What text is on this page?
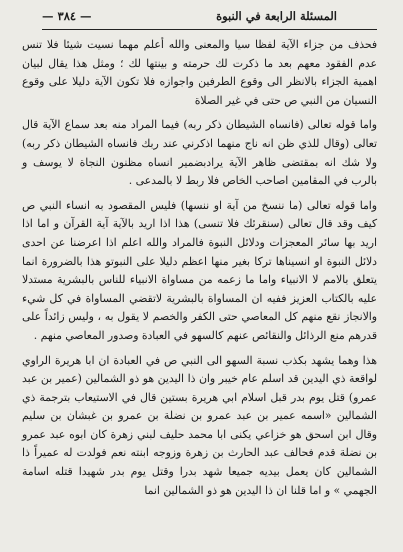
المسئلة الرابعة في النبوة
— ٣٨٤ —

فحذف من جزاء الآية لفظا سيا والمعنى والله أعلم مهما نسيت شيئا فلا تنس عدم الفقود معهم بعد ما ذكرت لك حرمته و بينتها لك ؛ ومثل هذا يقال لبيان اهمية الجزاء بالانظر الى وقوع الطرفين واجوازه فلا تكون الآية دليلا على وقوع النسيان من النبي ص حتى في غير الصلاة

واما قوله تعالى (فانساه الشيطان ذكر ربه) فيما المراد منه بعد سماع الآية قال تعالى (وقال للذي ظن انه ناج منهما اذكرني عند ربك فانساه الشيطان ذكر ربه) ولا شك انه بمقتضى ظاهر الآية يرادبضمير انساه مظنون النجاة لا يوسف و بالرب في المقامين اصاحب الخاص فلا ربط لا بالمدعى .

واما قوله تعالى (ما ننسخ من آية او ننسها) فليس المقصود به انساء النبي ص كيف وقد قال تعالى (سنقرئك فلا تنسى) هذا اذا اريد بالآية آية القرآن و اما اذا اريد بها سائر المعجزات ودلائل النبوة فالمراد والله اعلم اذا اعرضنا عن احدى دلائل النبوة او انسيناها تركا بغير منها اعظم دليلا على النبوتو هذا بالضرورة انما يتعلق بالامم لا الانبياء واما ما زعمه من مساواة الانبياء للناس بالبشرية مستدلا عليه بالكتاب العزيز ففيه ان المساواة بالبشرية لاتقضي المساواة في كل شيء والانجاز نقع منهم كل المعاصي حتى الكفر والخصم لا يقول به ، وليس زائداً على قدرهم منع الرذائل والنقائص عنهم كالسهو في العبادة وصدور المعاصي منهم .

هذا وهما يشهد بكذب نسبة السهو الى النبي ص في العبادة ان ابا هريرة الراوي لواقعة ذي اليدين قد اسلم عام خيبر وان ذا اليدين هو ذو الشمالين (عمير بن عبد عمرو) قتل يوم بدر قبل اسلام ابي هريرة بستين قال في الاستيعاب بترجمة ذي الشمالين «اسمه عمير بن عبد عمرو بن نضلة بن عمرو بن غبشان بن سليم وقال ابن اسحق هو خزاعي يكنى ابا محمد حليف لبني زهرة كان ابوه عبد عمرو بن نضلة قدم فحالف عبد الحارث بن زهرة وزوجه ابنته نعم فولدت له عميراً ذا الشمالين كان يعمل بيديه جميعا شهد بدرا وقتل يوم بدر شهيدا قتله اسامة الجهمي » و اما قلنا ان ذا اليدين هو ذو الشمالين انما
